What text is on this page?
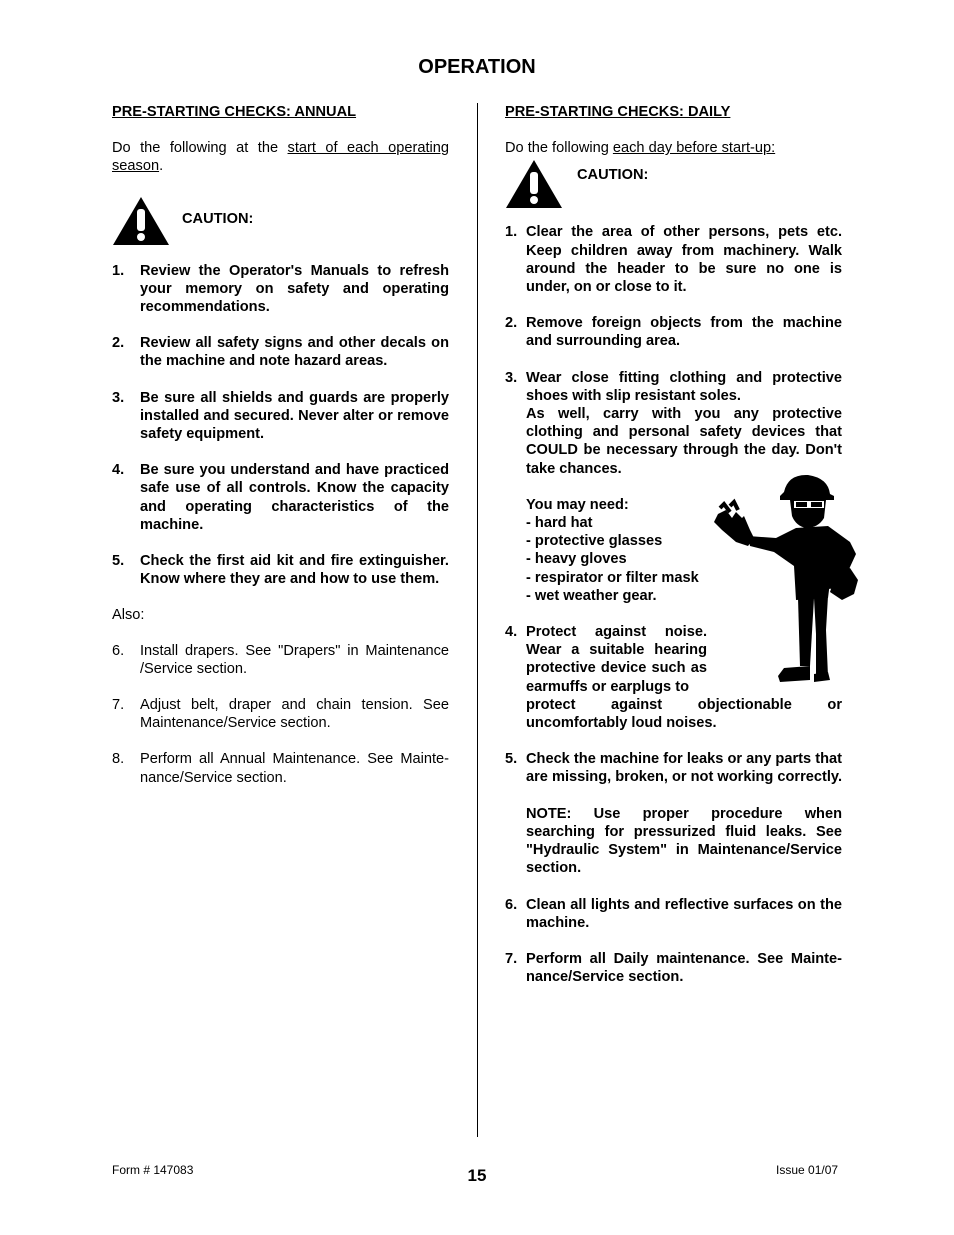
OPERATION

PRE-STARTING CHECKS: ANNUAL

Do the following at the start of each operating season.

CAUTION:
1. Review the Operator's Manuals to refresh your memory on safety and operating recommendations.
2. Review all safety signs and other decals on the machine and note hazard areas.
3. Be sure all shields and guards are properly installed and secured. Never alter or remove safety equipment.
4. Be sure you understand and have practiced safe use of all controls. Know the capacity and operating characteristics of the machine.
5. Check the first aid kit and fire extinguisher. Know where they are and how to use them.

Also:

6. Install drapers. See "Drapers" in Maintenance /Service section.
7. Adjust belt, draper and chain tension. See Maintenance/Service section.
8. Perform all Annual Maintenance. See Mainte-nance/Service section.

PRE-STARTING CHECKS: DAILY

Do the following each day before start-up:

CAUTION:
1. Clear the area of other persons, pets etc. Keep children away from machinery. Walk around the header to be sure no one is under, on or close to it.
2. Remove foreign objects from the machine and surrounding area.
3. Wear close fitting clothing and protective shoes with slip resistant soles.

As well, carry with you any protective clothing and personal safety devices that COULD be necessary through the day. Don't take chances.

You may need:
- hard hat
- protective glasses
- heavy gloves
- respirator or filter mask
- wet weather gear.
4. Protect against noise. Wear a suitable hearing protective device such as earmuffs or earplugs to

protect against objectionable or uncomfortably loud noises.

5. Check the machine for leaks or any parts that are missing, broken, or not working correctly.

NOTE: Use proper procedure when searching for pressurized fluid leaks. See "Hydraulic System" in Maintenance/Service section.

6. Clean all lights and reflective surfaces on the machine.
7. Perform all Daily maintenance. See Mainte-nance/Service section.
Form # 147083	15	Issue 01/07
